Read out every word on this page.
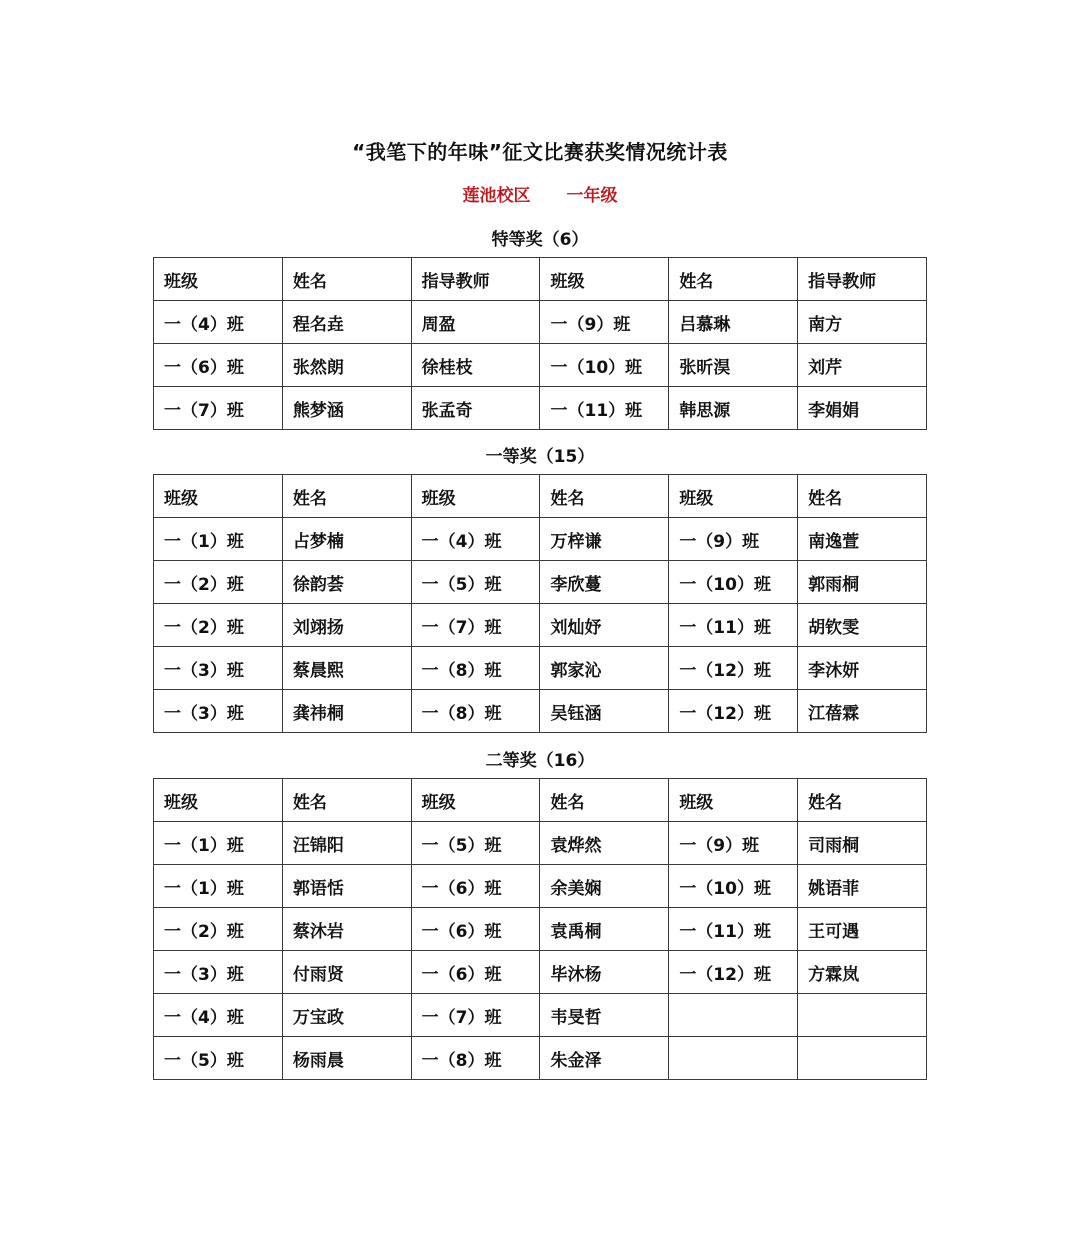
“我笔下的年味”征文比赛获奖情况统计表
莲池校区 一年级
特等奖（6）
班级	姓名	指导教师	班级	姓名	指导教师
一（4）班	程名垚	周盈	一（9）班	吕慕琳	南方
一（6）班	张然朗	徐桂枝	一（10）班	张昕淏	刘芹
一（7）班	熊梦涵	张孟奇	一（11）班	韩思源	李娟娟
一等奖（15）
班级	姓名	班级	姓名	班级	姓名
一（1）班	占梦楠	一（4）班	万梓谦	一（9）班	南逸萱
一（2）班	徐韵荟	一（5）班	李欣蔓	一（10）班	郭雨桐
一（2）班	刘翊扬	一（7）班	刘灿妤	一（11）班	胡钦雯
一（3）班	蔡晨熙	一（8）班	郭家沁	一（12）班	李沐妍
一（3）班	龚祎桐	一（8）班	吴钰涵	一（12）班	江蓓霖
二等奖（16）
班级	姓名	班级	姓名	班级	姓名
一（1）班	汪锦阳	一（5）班	袁烨然	一（9）班	司雨桐
一（1）班	郭语恬	一（6）班	余美娴	一（10）班	姚语菲
一（2）班	蔡沐岩	一（6）班	袁禹桐	一（11）班	王可遇
一（3）班	付雨贤	一（6）班	毕沐杨	一（12）班	方霖岚
一（4）班	万宝政	一（7）班	韦旻哲		
一（5）班	杨雨晨	一（8）班	朱金泽		
